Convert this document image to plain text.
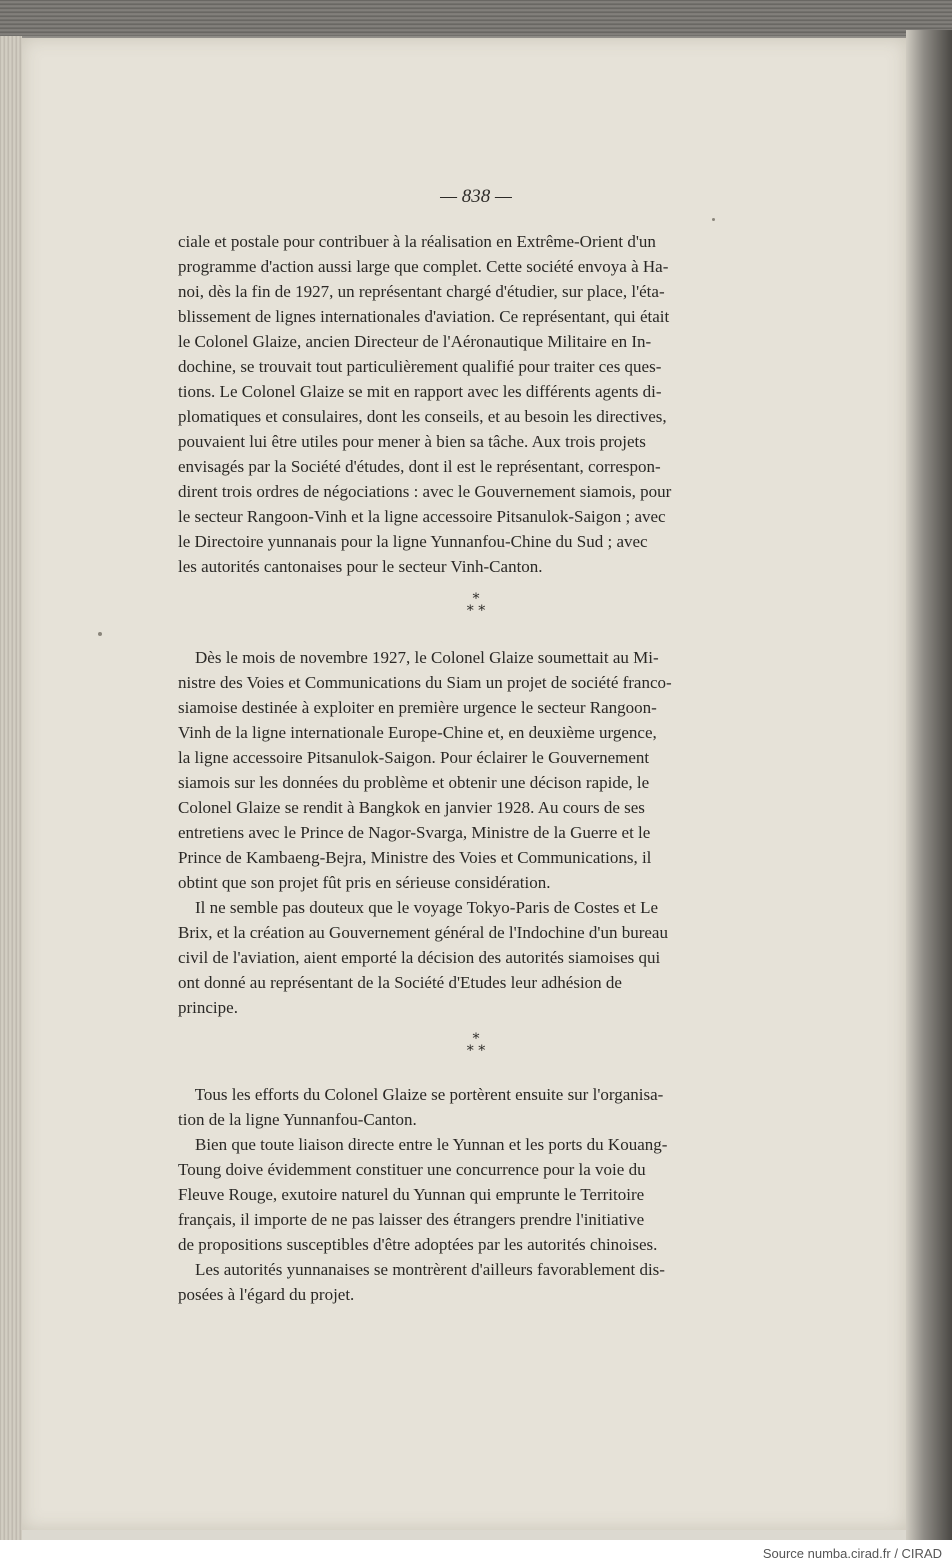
— 838 —
ciale et postale pour contribuer à la réalisation en Extrême-Orient d'un
programme d'action aussi large que complet. Cette société envoya à Ha-
noi, dès la fin de 1927, un représentant chargé d'étudier, sur place, l'éta-
blissement de lignes internationales d'aviation. Ce représentant, qui était
le Colonel Glaize, ancien Directeur de l'Aéronautique Militaire en In-
dochine, se trouvait tout particulièrement qualifié pour traiter ces ques-
tions. Le Colonel Glaize se mit en rapport avec les différents agents di-
plomatiques et consulaires, dont les conseils, et au besoin les directives,
pouvaient lui être utiles pour mener à bien sa tâche. Aux trois projets
envisagés par la Société d'études, dont il est le représentant, correspon-
dirent trois ordres de négociations : avec le Gouvernement siamois, pour
le secteur Rangoon-Vinh et la ligne accessoire Pitsanulok-Saigon ; avec
le Directoire yunnanais pour la ligne Yunnanfou-Chine du Sud ; avec
les autorités cantonaises pour le secteur Vinh-Canton.
*
* *
Dès le mois de novembre 1927, le Colonel Glaize soumettait au Mi-
nistre des Voies et Communications du Siam un projet de société franco-
siamoise destinée à exploiter en première urgence le secteur Rangoon-
Vinh de la ligne internationale Europe-Chine et, en deuxième urgence,
la ligne accessoire Pitsanulok-Saigon. Pour éclairer le Gouvernement
siamois sur les données du problème et obtenir une décison rapide, le
Colonel Glaize se rendit à Bangkok en janvier 1928. Au cours de ses
entretiens avec le Prince de Nagor-Svarga, Ministre de la Guerre et le
Prince de Kambaeng-Bejra, Ministre des Voies et Communications, il
obtint que son projet fût pris en sérieuse considération.
Il ne semble pas douteux que le voyage Tokyo-Paris de Costes et Le
Brix, et la création au Gouvernement général de l'Indochine d'un bureau
civil de l'aviation, aient emporté la décision des autorités siamoises qui
ont donné au représentant de la Société d'Etudes leur adhésion de
principe.
*
* *
Tous les efforts du Colonel Glaize se portèrent ensuite sur l'organisa-
tion de la ligne Yunnanfou-Canton.
Bien que toute liaison directe entre le Yunnan et les ports du Kouang-
Toung doive évidemment constituer une concurrence pour la voie du
Fleuve Rouge, exutoire naturel du Yunnan qui emprunte le Territoire
français, il importe de ne pas laisser des étrangers prendre l'initiative
de propositions susceptibles d'être adoptées par les autorités chinoises.
Les autorités yunnanaises se montrèrent d'ailleurs favorablement dis-
posées à l'égard du projet.
Source numba.cirad.fr / CIRAD
